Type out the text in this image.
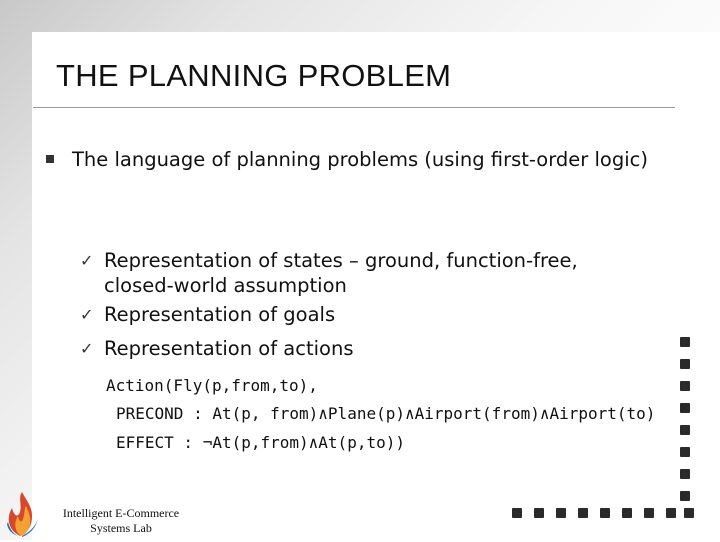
THE PLANNING PROBLEM
The language of planning problems (using first-order logic)
✓ Representation of states – ground, function-free,
closed-world assumption
✓ Representation of goals
✓ Representation of actions
Action(Fly(p,from,to),
PRECOND : At(p, from)∧Plane(p)∧Airport(from)∧Airport(to)
EFFECT : ¬At(p,from)∧At(p,to))
Intelligent E-Commerce
Systems Lab
